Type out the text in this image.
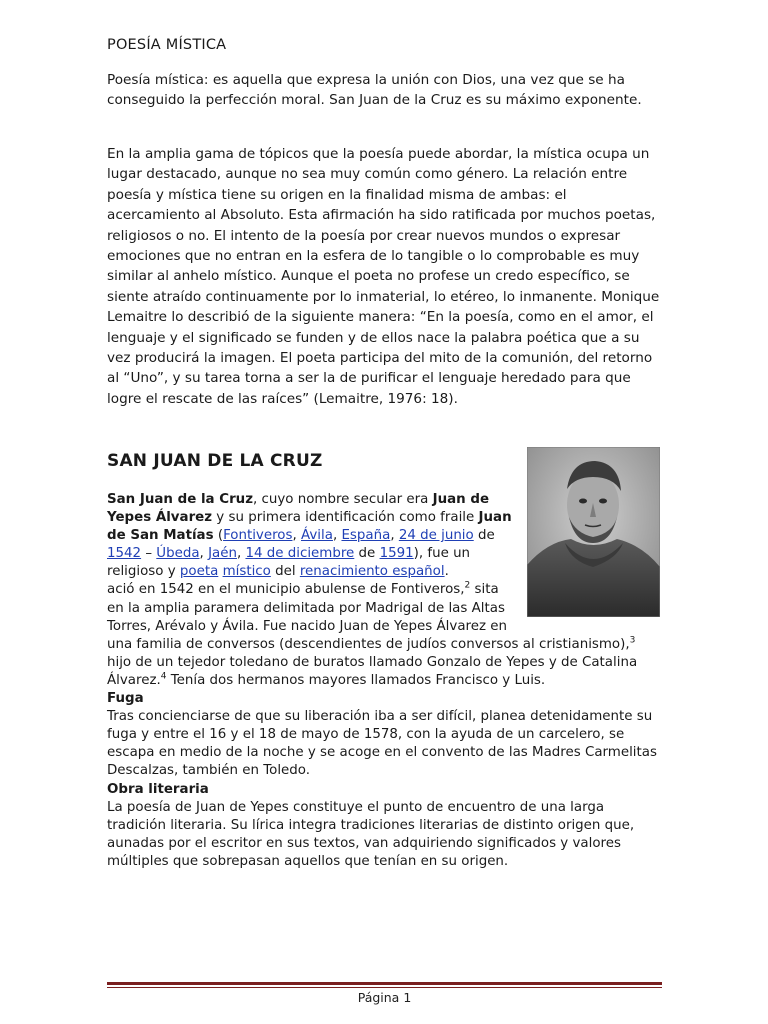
POESÍA MÍSTICA

Poesía mística: es aquella que expresa la unión con Dios, una vez que se ha conseguido la perfección moral. San Juan de la Cruz es su máximo exponente.

En la amplia gama de tópicos que la poesía puede abordar, la mística ocupa un lugar destacado, aunque no sea muy común como género. La relación entre poesía y mística tiene su origen en la finalidad misma de ambas: el acercamiento al Absoluto. Esta afirmación ha sido ratificada por muchos poetas, religiosos o no. El intento de la poesía por crear nuevos mundos o expresar emociones que no entran en la esfera de lo tangible o lo comprobable es muy similar al anhelo místico. Aunque el poeta no profese un credo específico, se siente atraído continuamente por lo inmaterial, lo etéreo, lo inmanente. Monique Lemaitre lo describió de la siguiente manera: “En la poesía, como en el amor, el lenguaje y el significado se funden y de ellos nace la palabra poética que a su vez producirá la imagen. El poeta participa del mito de la comunión, del retorno al “Uno”, y su tarea torna a ser la de purificar el lenguaje heredado para que logre el rescate de las raíces” (Lemaitre, 1976: 18).

SAN JUAN DE LA CRUZ
San Juan de la Cruz, cuyo nombre secular era Juan de Yepes Álvarez y su primera identificación como fraile Juan de San Matías (Fontiveros, Ávila, España, 24 de junio de 1542 – Úbeda, Jaén, 14 de diciembre de 1591), fue un religioso y poeta místico del renacimiento español.
ació en 1542 en el municipio abulense de Fontiveros,$^2$ sita en la amplia paramera delimitada por Madrigal de las Altas Torres, Arévalo y Ávila. Fue nacido Juan de Yepes Álvarez en una familia de conversos (descendientes de judíos conversos al cristianismo),$^3$ hijo de un tejedor toledano de buratos llamado Gonzalo de Yepes y de Catalina Álvarez.$^4$ Tenía dos hermanos mayores llamados Francisco y Luis.
Fuga
Tras concienciarse de que su liberación iba a ser difícil, planea detenidamente su fuga y entre el 16 y el 18 de mayo de 1578, con la ayuda de un carcelero, se escapa en medio de la noche y se acoge en el convento de las Madres Carmelitas Descalzas, también en Toledo.
Obra literaria
La poesía de Juan de Yepes constituye el punto de encuentro de una larga tradición literaria. Su lírica integra tradiciones literarias de distinto origen que, aunadas por el escritor en sus textos, van adquiriendo significados y valores múltiples que sobrepasan aquellos que tenían en su origen.
Página 1
